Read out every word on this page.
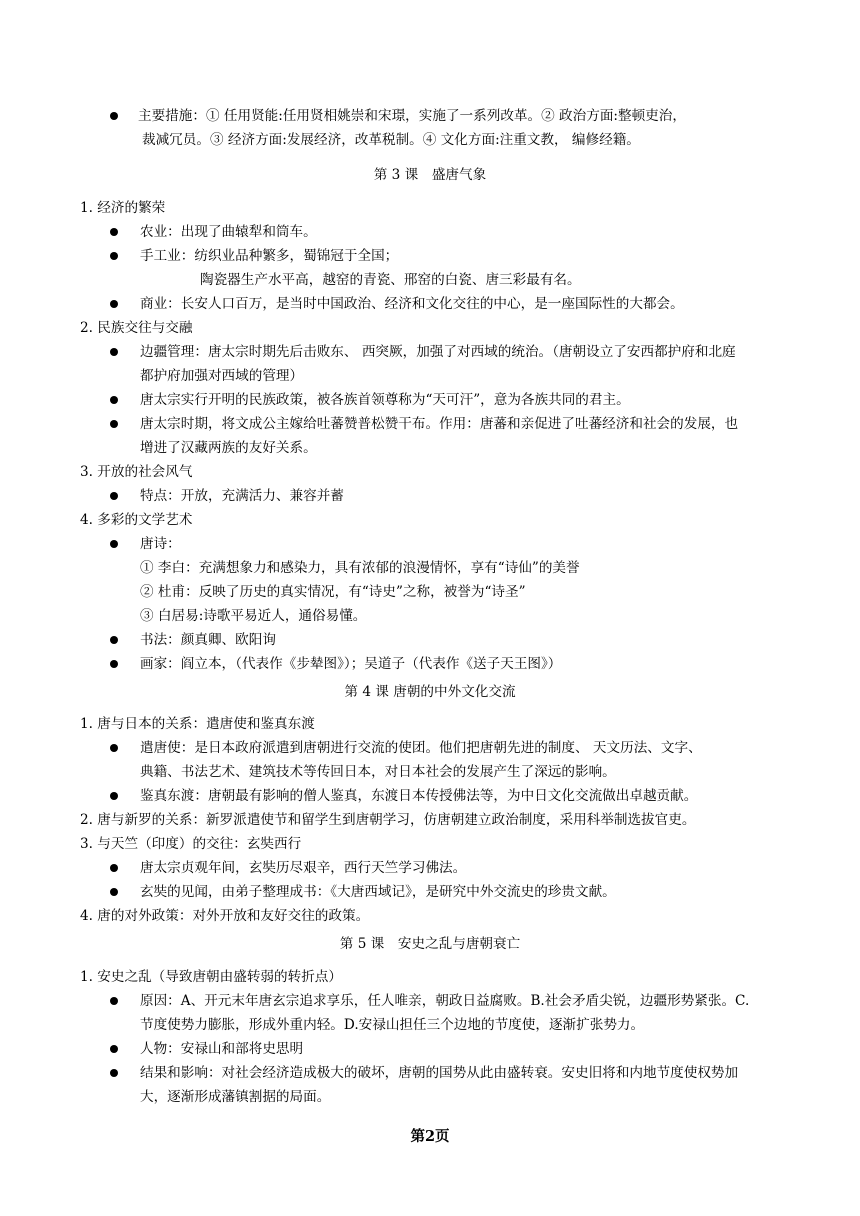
主要措施：① 任用贤能:任用贤相姚崇和宋璟，实施了一系列改革。② 政治方面:整顿吏治，
裁减冗员。③ 经济方面:发展经济，改革税制。④ 文化方面:注重文教， 编修经籍。
第 3 课　盛唐气象
1. 经济的繁荣
农业：出现了曲辕犁和筒车。
手工业：纺织业品种繁多，蜀锦冠于全国；
陶瓷器生产水平高，越窑的青瓷、邢窑的白瓷、唐三彩最有名。
商业：长安人口百万，是当时中国政治、经济和文化交往的中心，是一座国际性的大都会。
2. 民族交往与交融
边疆管理：唐太宗时期先后击败东、 西突厥，加强了对西域的统治。（唐朝设立了安西都护府和北庭
都护府加强对西域的管理）
唐太宗实行开明的民族政策，被各族首领尊称为“天可汗”，意为各族共同的君主。
唐太宗时期，将文成公主嫁给吐蕃赞普松赞干布。作用：唐蕃和亲促进了吐蕃经济和社会的发展，也
增进了汉藏两族的友好关系。
3. 开放的社会风气
特点：开放，充满活力、兼容并蓄
4. 多彩的文学艺术
唐诗：
① 李白：充满想象力和感染力，具有浓郁的浪漫情怀，享有“诗仙”的美誉
② 杜甫：反映了历史的真实情况，有“诗史”之称，被誉为“诗圣”
③ 白居易:诗歌平易近人，通俗易懂。
书法：颜真卿、欧阳询
画家：阎立本，（代表作《步辇图》）；吴道子（代表作《送子天王图》）
第 4 课 唐朝的中外文化交流
1. 唐与日本的关系：遣唐使和鉴真东渡
遣唐使：是日本政府派遣到唐朝进行交流的使团。他们把唐朝先进的制度、 天文历法、文字、
典籍、书法艺术、建筑技术等传回日本，对日本社会的发展产生了深远的影响。
鉴真东渡：唐朝最有影响的僧人鉴真，东渡日本传授佛法等，为中日文化交流做出卓越贡献。
2. 唐与新罗的关系：新罗派遣使节和留学生到唐朝学习，仿唐朝建立政治制度，采用科举制选拔官吏。
3. 与天竺（印度）的交往：玄奘西行
唐太宗贞观年间，玄奘历尽艰辛，西行天竺学习佛法。
玄奘的见闻，由弟子整理成书：《大唐西域记》，是研究中外交流史的珍贵文献。
4. 唐的对外政策：对外开放和友好交往的政策。
第 5 课　安史之乱与唐朝衰亡
1. 安史之乱（导致唐朝由盛转弱的转折点）
原因：A、开元末年唐玄宗追求享乐，任人唯亲，朝政日益腐败。B.社会矛盾尖锐，边疆形势紧张。C.
节度使势力膨胀，形成外重内轻。D.安禄山担任三个边地的节度使，逐渐扩张势力。
人物：安禄山和部将史思明
结果和影响：对社会经济造成极大的破坏，唐朝的国势从此由盛转衰。安史旧将和内地节度使权势加
大，逐渐形成藩镇割据的局面。
第2页
